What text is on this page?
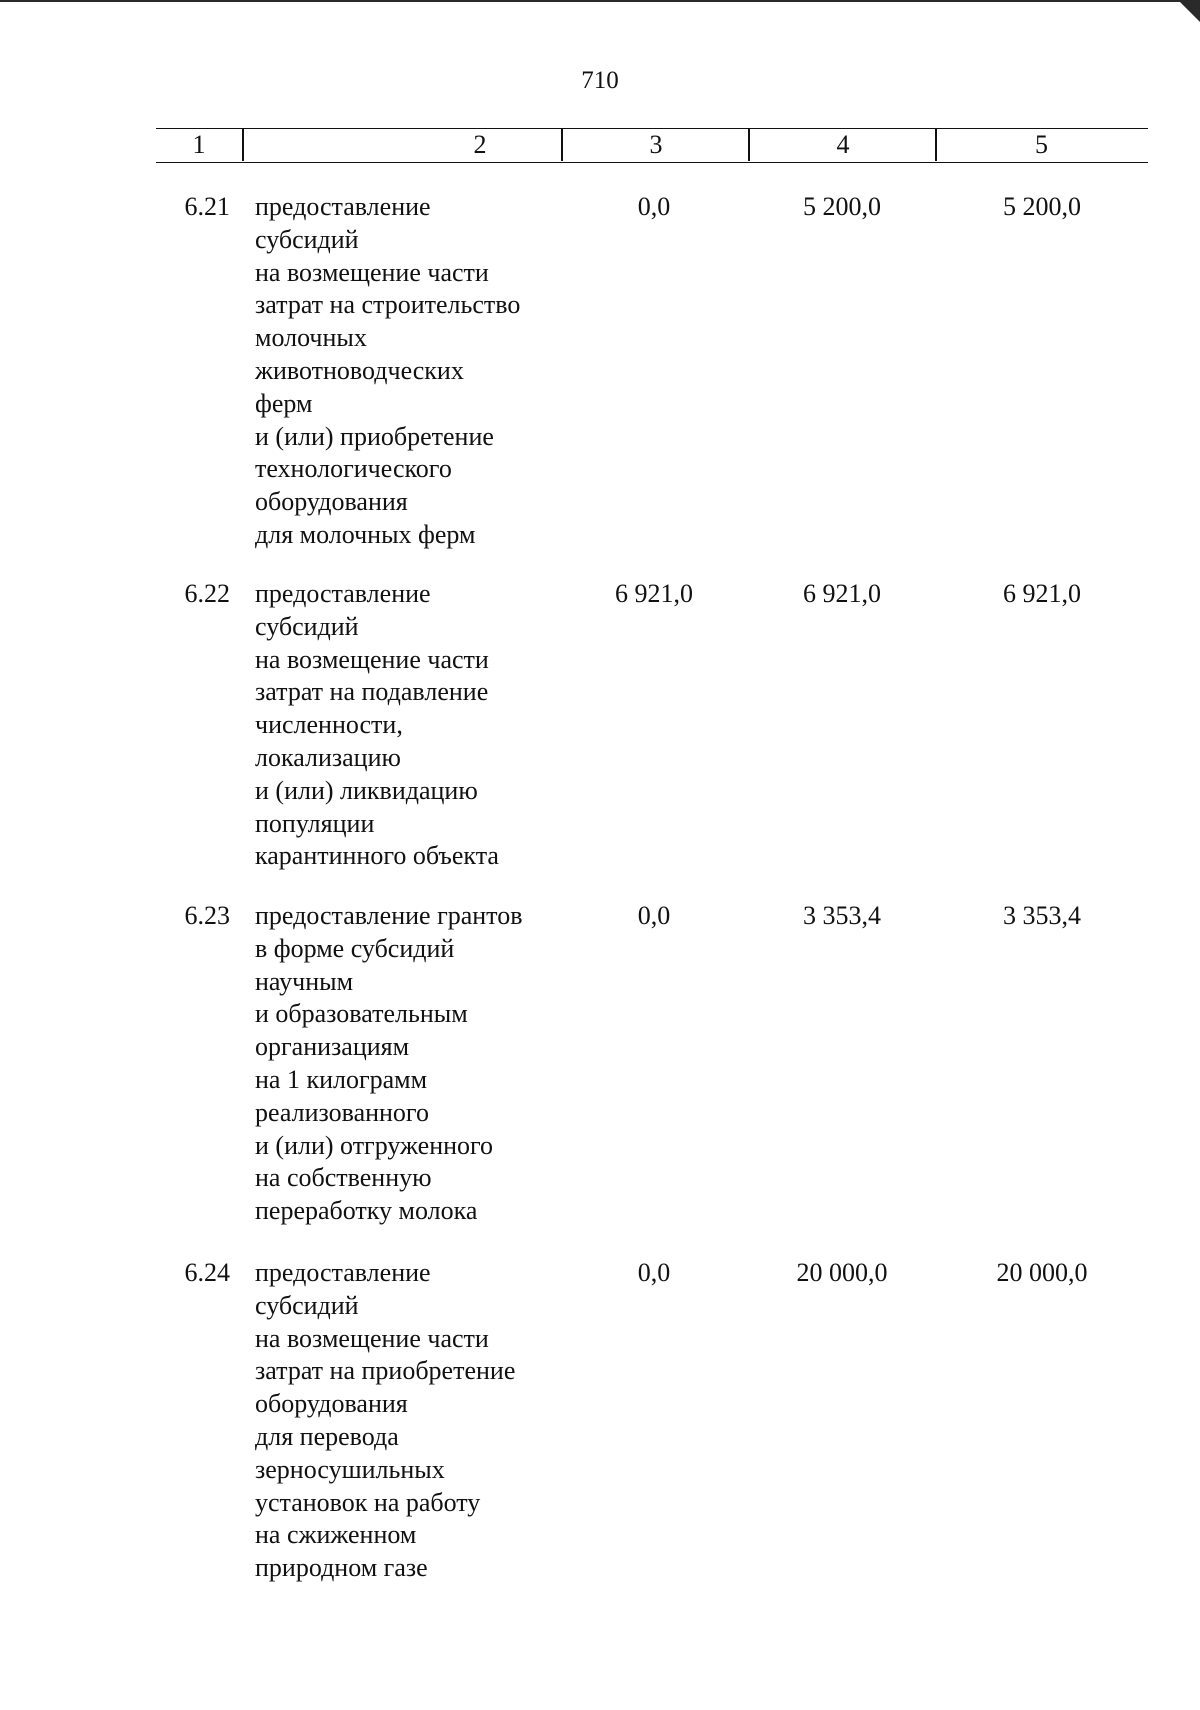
710
1	2	3	4	5
6.21 предоставление
субсидий
на возмещение части
затрат на строительство
молочных
животноводческих
ферм
и (или) приобретение
технологического
оборудования
для молочных ферм
0,0	5 200,0	5 200,0
6.22 предоставление
субсидий
на возмещение части
затрат на подавление
численности,
локализацию
и (или) ликвидацию
популяции
карантинного объекта
6 921,0	6 921,0	6 921,0
6.23 предоставление грантов
в форме субсидий
научным
и образовательным
организациям
на 1 килограмм
реализованного
и (или) отгруженного
на собственную
переработку молока
0,0	3 353,4	3 353,4
6.24 предоставление
субсидий
на возмещение части
затрат на приобретение
оборудования
для перевода
зерносушильных
установок на работу
на сжиженном
природном газе
0,0	20 000,0	20 000,0
